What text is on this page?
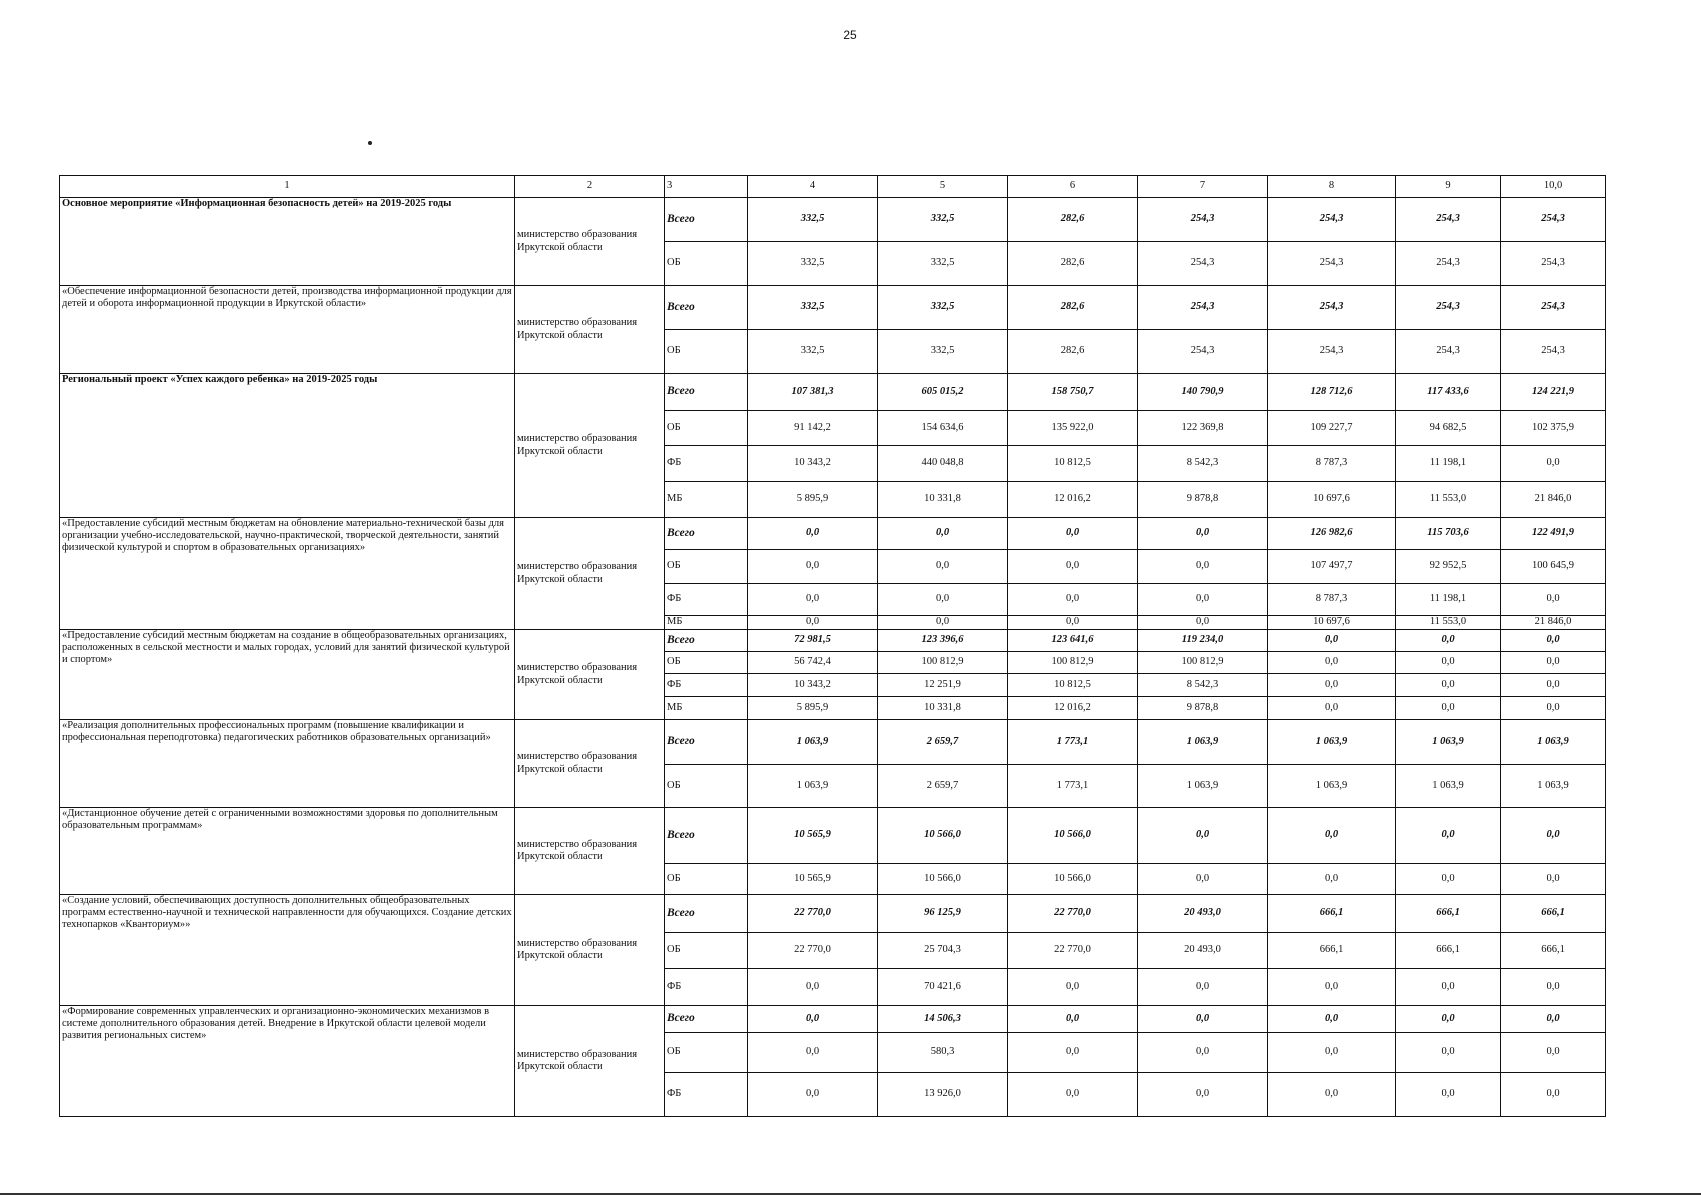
25
1	2	3	4	5	6	7	8	9	10,0
Основное мероприятие «Информационная безопасность детей» на 2019-2025 годы	министерство образования Иркутской области	Всего	332,5	332,5	282,6	254,3	254,3	254,3	254,3
		ОБ	332,5	332,5	282,6	254,3	254,3	254,3	254,3
«Обеспечение информационной безопасности детей, производства информационной продукции для детей и оборота информационной продукции в Иркутской области»	министерство образования Иркутской области	Всего	332,5	332,5	282,6	254,3	254,3	254,3	254,3
		ОБ	332,5	332,5	282,6	254,3	254,3	254,3	254,3
Региональный проект «Успех каждого ребенка» на 2019-2025 годы	министерство образования Иркутской области	Всего	107 381,3	605 015,2	158 750,7	140 790,9	128 712,6	117 433,6	124 221,9
		ОБ	91 142,2	154 634,6	135 922,0	122 369,8	109 227,7	94 682,5	102 375,9
		ФБ	10 343,2	440 048,8	10 812,5	8 542,3	8 787,3	11 198,1	0,0
		МБ	5 895,9	10 331,8	12 016,2	9 878,8	10 697,6	11 553,0	21 846,0
«Предоставление субсидий местным бюджетам на обновление материально-технической базы для организации учебно-исследовательской, научно-практической, творческой деятельности, занятий физической культурой и спортом в образовательных организациях»	министерство образования Иркутской области	Всего	0,0	0,0	0,0	0,0	126 982,6	115 703,6	122 491,9
		ОБ	0,0	0,0	0,0	0,0	107 497,7	92 952,5	100 645,9
		ФБ	0,0	0,0	0,0	0,0	8 787,3	11 198,1	0,0
		МБ	0,0	0,0	0,0	0,0	10 697,6	11 553,0	21 846,0
«Предоставление субсидий местным бюджетам на создание в общеобразовательных организациях, расположенных в сельской местности и малых городах, условий для занятий физической культурой и спортом»	министерство образования Иркутской области	Всего	72 981,5	123 396,6	123 641,6	119 234,0	0,0	0,0	0,0
		ОБ	56 742,4	100 812,9	100 812,9	100 812,9	0,0	0,0	0,0
		ФБ	10 343,2	12 251,9	10 812,5	8 542,3	0,0	0,0	0,0
		МБ	5 895,9	10 331,8	12 016,2	9 878,8	0,0	0,0	0,0
«Реализация дополнительных профессиональных программ (повышение квалификации и профессиональная переподготовка) педагогических работников образовательных организаций»	министерство образования Иркутской области	Всего	1 063,9	2 659,7	1 773,1	1 063,9	1 063,9	1 063,9	1 063,9
		ОБ	1 063,9	2 659,7	1 773,1	1 063,9	1 063,9	1 063,9	1 063,9
«Дистанционное обучение детей с ограниченными возможностями здоровья по дополнительным образовательным программам»	министерство образования Иркутской области	Всего	10 565,9	10 566,0	10 566,0	0,0	0,0	0,0	0,0
		ОБ	10 565,9	10 566,0	10 566,0	0,0	0,0	0,0	0,0
«Создание условий, обеспечивающих доступность дополнительных общеобразовательных программ естественно-научной и технической направленности для обучающихся. Создание детских технопарков «Кванториум»»	министерство образования Иркутской области	Всего	22 770,0	96 125,9	22 770,0	20 493,0	666,1	666,1	666,1
		ОБ	22 770,0	25 704,3	22 770,0	20 493,0	666,1	666,1	666,1
		ФБ	0,0	70 421,6	0,0	0,0	0,0	0,0	0,0
«Формирование современных управленческих и организационно-экономических механизмов в системе дополнительного образования детей. Внедрение в Иркутской области целевой модели развития региональных систем»	министерство образования Иркутской области	Всего	0,0	14 506,3	0,0	0,0	0,0	0,0	0,0
		ОБ	0,0	580,3	0,0	0,0	0,0	0,0	0,0
		ФБ	0,0	13 926,0	0,0	0,0	0,0	0,0	0,0
